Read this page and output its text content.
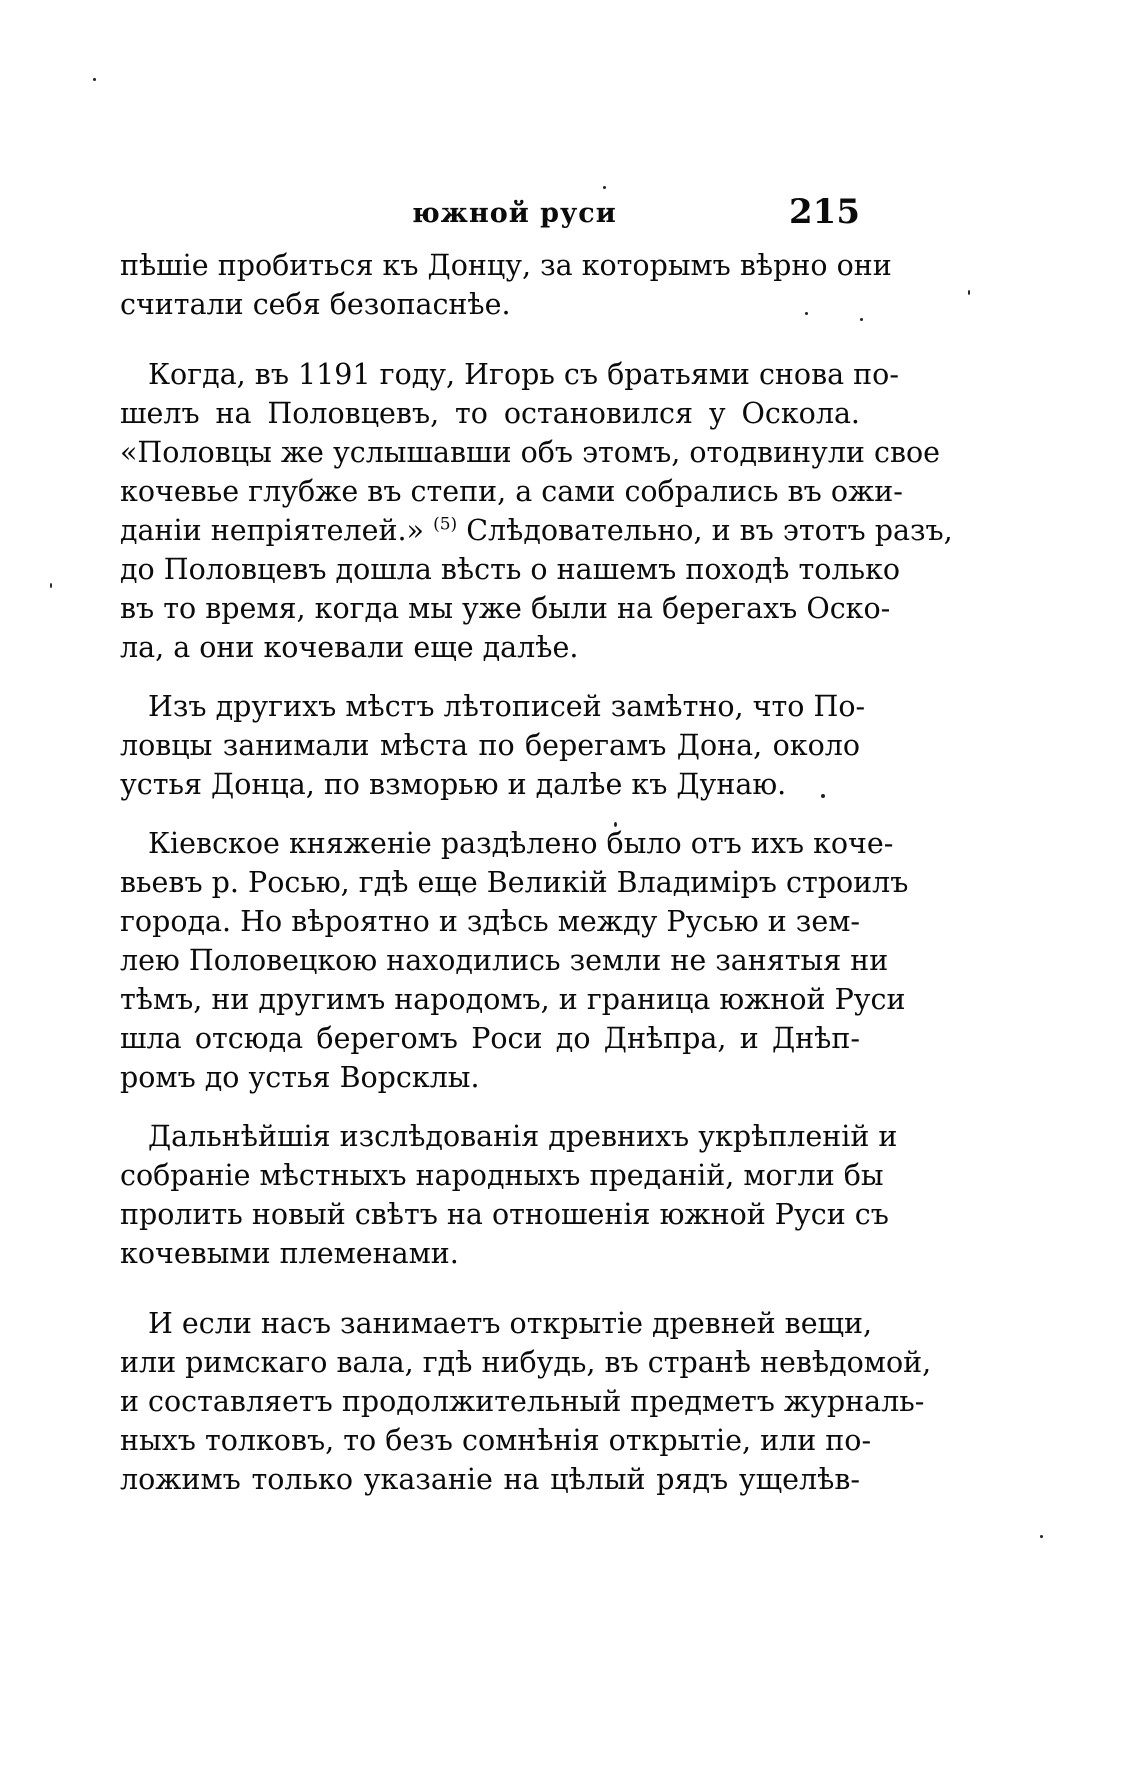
южной руси	215
пѣшіе пробиться къ Донцу, за которымъ вѣрно они
считали себя безопаснѣе.
Когда, въ 1191 году, Игорь съ братьями снова по-
шелъ на Половцевъ, то остановился у Оскола.
«Половцы же услышавши объ этомъ, отодвинули свое
кочевье глубже въ степи, а сами собрались въ ожи-
даніи непріятелей.» $^{(5)}$ Слѣдовательно, и въ этотъ разъ,
до Половцевъ дошла вѣсть о нашемъ походѣ только
въ то время, когда мы уже были на берегахъ Оско-
ла, а они кочевали еще далѣе.
Изъ другихъ мѣстъ лѣтописей замѣтно, что По-
ловцы занимали мѣста по берегамъ Дона, около
устья Донца, по взморью и далѣе къ Дунаю.
Кіевское княженіе раздѣлено было отъ ихъ коче-
вьевъ р. Росью, гдѣ еще Великій Владиміръ строилъ
города. Но вѣроятно и здѣсь между Русью и зем-
лею Половецкою находились земли не занятыя ни
тѣмъ, ни другимъ народомъ, и граница южной Руси
шла отсюда берегомъ Роси до Днѣпра, и Днѣп-
ромъ до устья Ворсклы.
Дальнѣйшія изслѣдованія древнихъ укрѣпленій и
собраніе мѣстныхъ народныхъ преданій, могли бы
пролить новый свѣтъ на отношенія южной Руси съ
кочевыми племенами.
И если насъ занимаетъ открытіе древней вещи,
или римскаго вала, гдѣ нибудь, въ странѣ невѣдомой,
и составляетъ продолжительный предметъ журналь-
ныхъ толковъ, то безъ сомнѣнія открытіе, или по-
ложимъ только указаніе на цѣлый рядъ ущелѣв-
